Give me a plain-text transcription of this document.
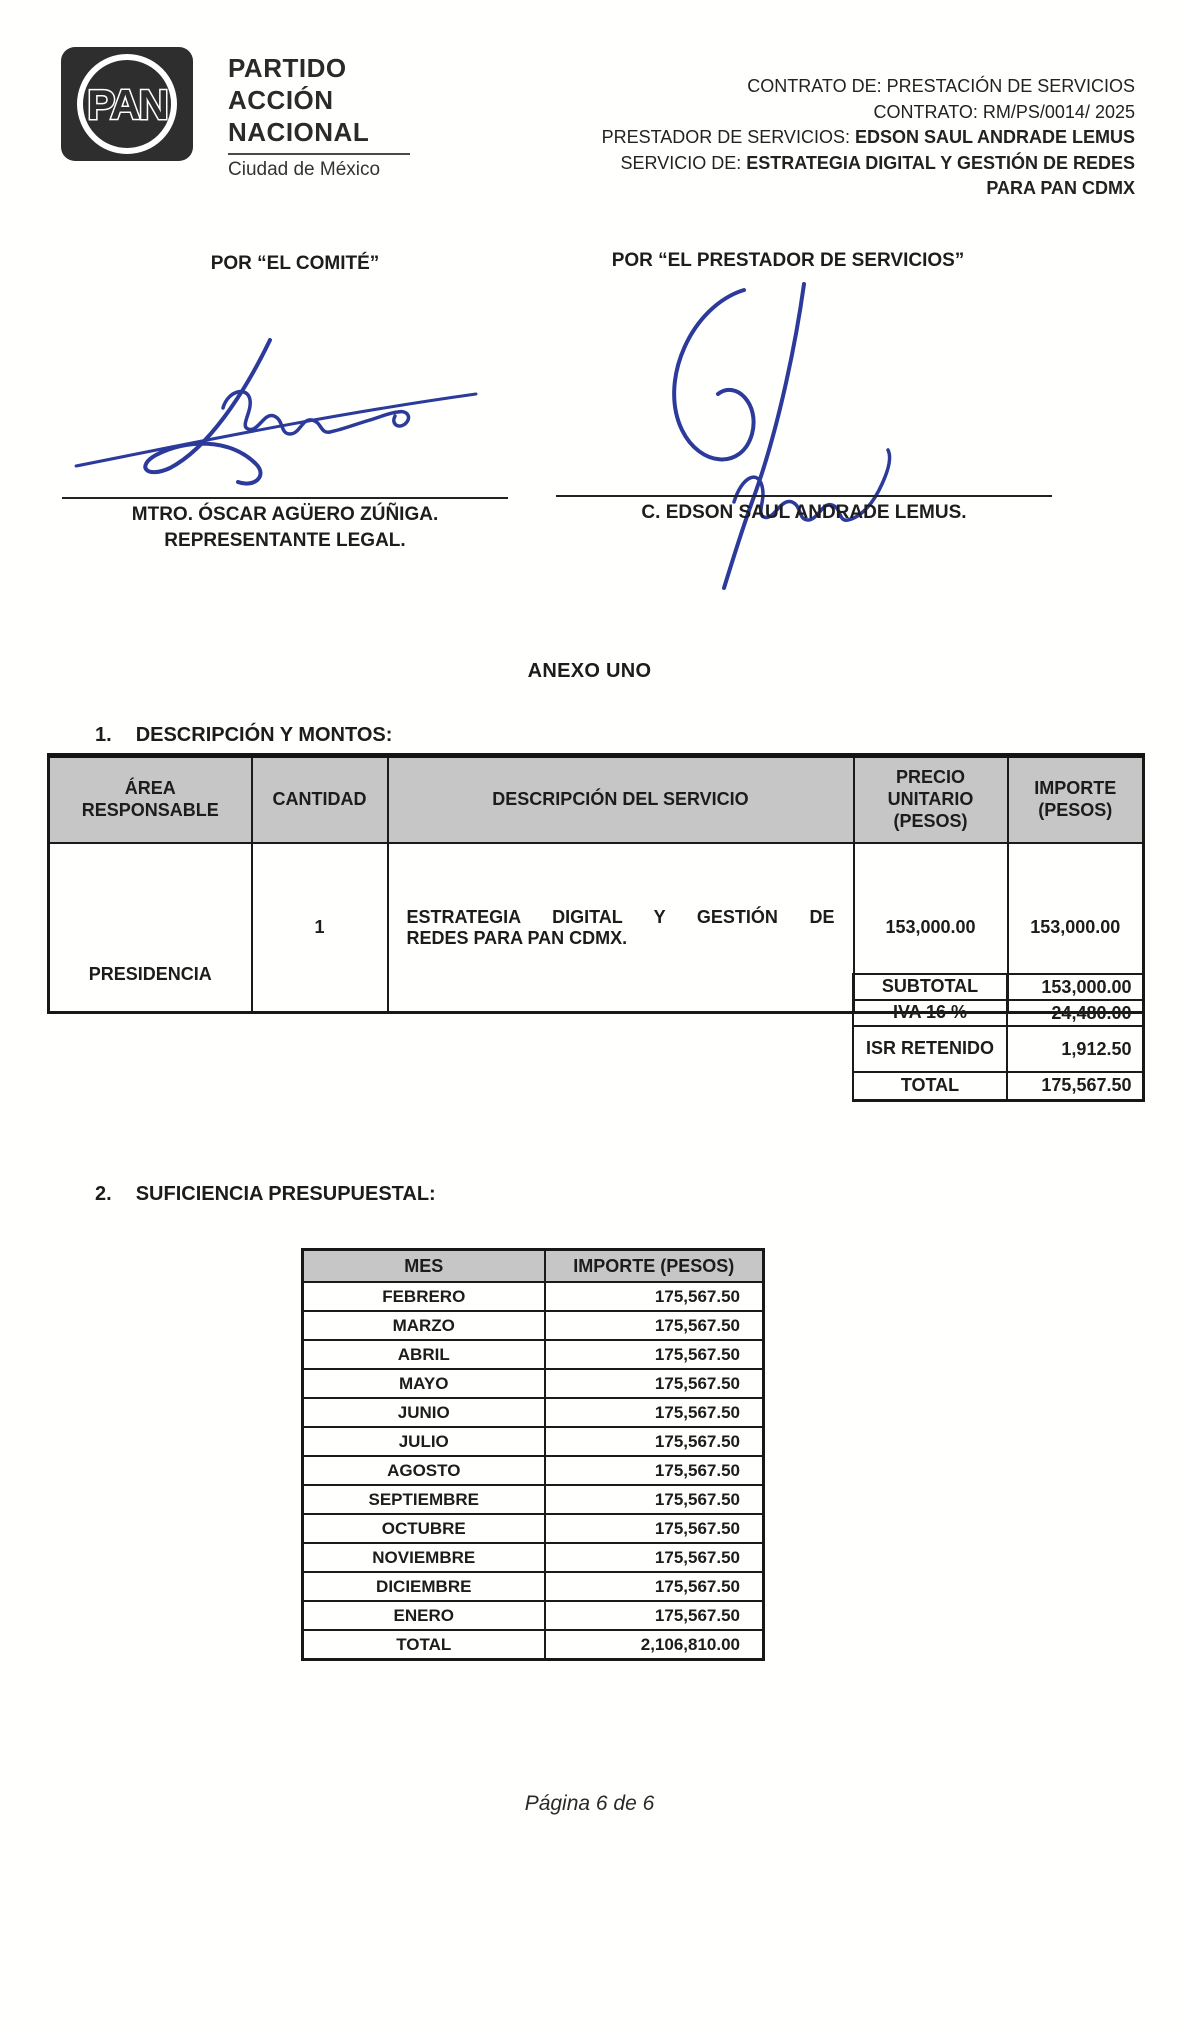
PAN
PARTIDO
ACCIÓN
NACIONAL
Ciudad de México
CONTRATO DE: PRESTACIÓN DE SERVICIOS
CONTRATO: RM/PS/0014/ 2025
PRESTADOR DE SERVICIOS: EDSON SAUL ANDRADE LEMUS
SERVICIO DE: ESTRATEGIA DIGITAL Y GESTIÓN DE REDES
PARA PAN CDMX
POR “EL COMITÉ”	POR “EL PRESTADOR DE SERVICIOS”
MTRO. ÓSCAR AGÜERO ZÚÑIGA.
REPRESENTANTE LEGAL.
C. EDSON SAUL ANDRADE LEMUS.
ANEXO UNO
1. DESCRIPCIÓN Y MONTOS:
ÁREA RESPONSABLE	CANTIDAD	DESCRIPCIÓN DEL SERVICIO	PRECIO UNITARIO (PESOS)	IMPORTE (PESOS)
PRESIDENCIA	1	ESTRATEGIA DIGITAL Y GESTIÓN DE
REDES PARA PAN CDMX.	153,000.00	153,000.00
SUBTOTAL	153,000.00
IVA 16 %	24,480.00
ISR RETENIDO	1,912.50
TOTAL	175,567.50
2. SUFICIENCIA PRESUPUESTAL:
MES	IMPORTE (PESOS)
FEBRERO	175,567.50
MARZO	175,567.50
ABRIL	175,567.50
MAYO	175,567.50
JUNIO	175,567.50
JULIO	175,567.50
AGOSTO	175,567.50
SEPTIEMBRE	175,567.50
OCTUBRE	175,567.50
NOVIEMBRE	175,567.50
DICIEMBRE	175,567.50
ENERO	175,567.50
TOTAL	2,106,810.00
Página 6 de 6
